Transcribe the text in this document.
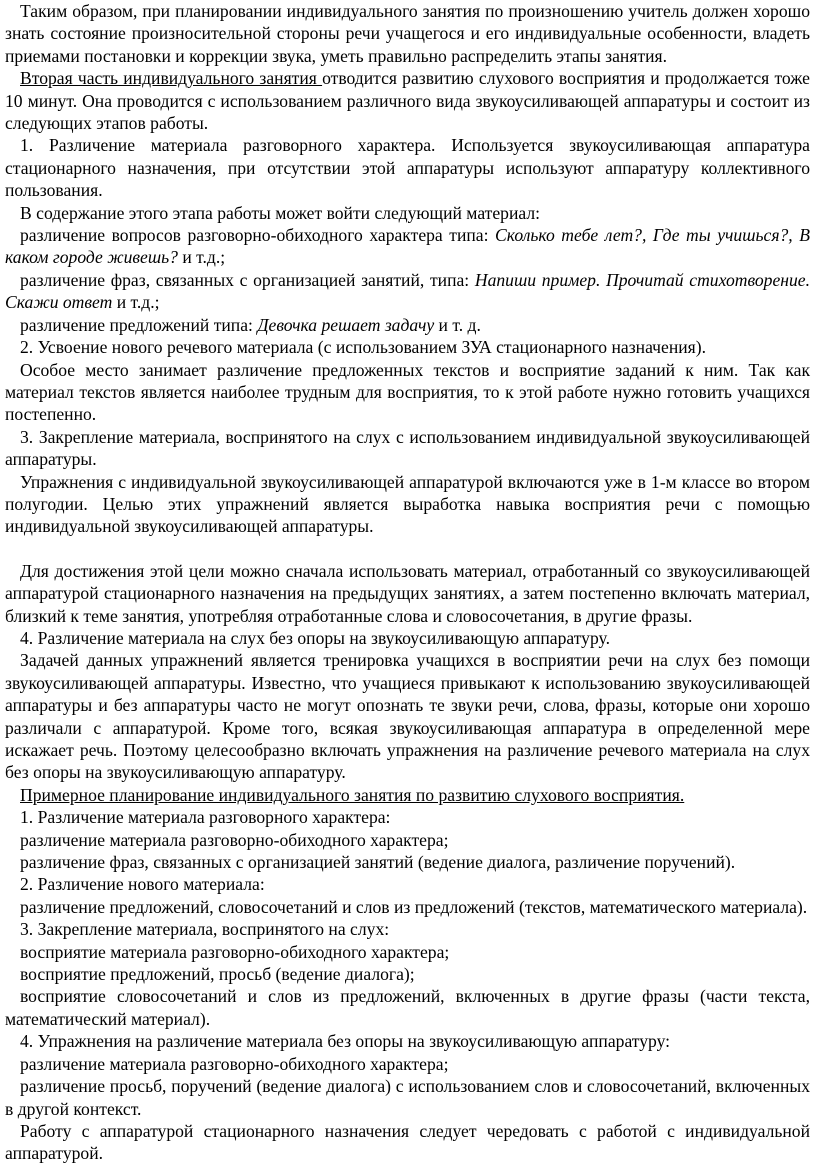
Таким образом, при планировании индивидуального занятия по произношению учитель должен хорошо знать состояние произносительной стороны речи учащегося и его индивидуальные особенности, владеть приемами постановки и коррекции звука, уметь правильно распределить этапы занятия.

Вторая часть индивидуального занятия отводится развитию слухового восприятия и продолжается тоже 10 минут. Она проводится с использованием различного вида звукоусиливающей аппаратуры и состоит из следующих этапов работы.

1. Различение материала разговорного характера. Используется звукоусиливающая аппаратура стационарного назначения, при отсутствии этой аппаратуры используют аппаратуру коллективного пользования.

В содержание этого этапа работы может войти следующий материал:

различение вопросов разговорно-обиходного характера типа: Сколько тебе лет?, Где ты учишься?, В каком городе живешь? и т.д.;

различение фраз, связанных с организацией занятий, типа: Напиши пример. Прочитай стихотворение. Скажи ответ и т.д.;

различение предложений типа: Девочка решает задачу и т. д.

2. Усвоение нового речевого материала (с использованием ЗУА стационарного назначения).

Особое место занимает различение предложенных текстов и восприятие заданий к ним. Так как материал текстов является наиболее трудным для восприятия, то к этой работе нужно готовить учащихся постепенно.

3. Закрепление материала, воспринятого на слух с использованием индивидуальной звукоусиливающей аппаратуры.

Упражнения с индивидуальной звукоусиливающей аппаратурой включаются уже в 1-м классе во втором полугодии. Целью этих упражнений является выработка навыка восприятия речи с помощью индивидуальной звукоусиливающей аппаратуры.

Для достижения этой цели можно сначала использовать материал, отработанный со звукоусиливающей аппаратурой стационарного назначения на предыдущих занятиях, а затем постепенно включать материал, близкий к теме занятия, употребляя отработанные слова и словосочетания, в другие фразы.

4. Различение материала на слух без опоры на звукоусиливающую аппаратуру.

Задачей данных упражнений является тренировка учащихся в восприятии речи на слух без помощи звукоусиливающей аппаратуры. Известно, что учащиеся привыкают к использованию звукоусиливающей аппаратуры и без аппаратуры часто не могут опознать те звуки речи, слова, фразы, которые они хорошо различали с аппаратурой. Кроме того, всякая звукоусиливающая аппаратура в определенной мере искажает речь. Поэтому целесообразно включать упражнения на различение речевого материала на слух без опоры на звукоусиливающую аппаратуру.

Примерное планирование индивидуального занятия по развитию слухового восприятия.

1. Различение материала разговорного характера:

различение материала разговорно-обиходного характера;

различение фраз, связанных с организацией занятий (ведение диалога, различение поручений).

2. Различение нового материала:

различение предложений, словосочетаний и слов из предложений (текстов, математического материала).

3. Закрепление материала, воспринятого на слух:

восприятие материала разговорно-обиходного характера;

восприятие предложений, просьб (ведение диалога);

восприятие словосочетаний и слов из предложений, включенных в другие фразы (части текста, математический материал).

4. Упражнения на различение материала без опоры на звукоусиливающую аппаратуру:

различение материала разговорно-обиходного характера;

различение просьб, поручений (ведение диалога) с использованием слов и словосочетаний, включенных в другой контекст.

Работу с аппаратурой стационарного назначения следует чередовать с работой с индивидуальной аппаратурой.
